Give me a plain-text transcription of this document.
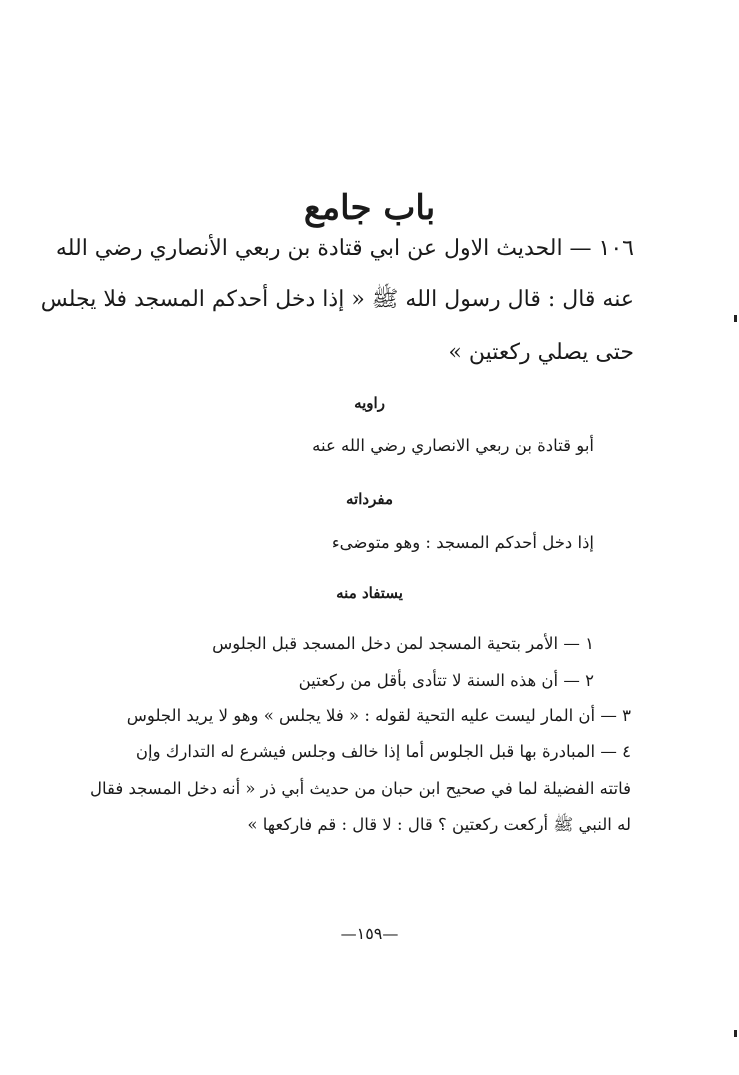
باب جامع
١٠٦ — الحديث الاول عن ابي قتادة بن ربعي الأنصاري رضي الله
عنه قال : قال رسول الله ﷺ « إذا دخل أحدكم المسجد فلا يجلس
حتى يصلي ركعتين »
راويه
أبو قتادة بن ربعي الانصاري رضي الله عنه
مفرداته
إذا دخل أحدكم المسجد : وهو متوضىء
يستفاد منه
١ — الأمر بتحية المسجد لمن دخل المسجد قبل الجلوس
٢ — أن هذه السنة لا تتأدى بأقل من ركعتين
٣ — أن المار ليست عليه التحية لقوله : « فلا يجلس » وهو لا يريد الجلوس
٤ — المبادرة بها قبل الجلوس أما إذا خالف وجلس فيشرع له التدارك وإن
فاتته الفضيلة لما في صحيح ابن حبان من حديث أبي ذر « أنه دخل المسجد فقال
له النبي ﷺ أركعت ركعتين ؟ قال : لا قال : قم فاركعها »
—١٥٩—
